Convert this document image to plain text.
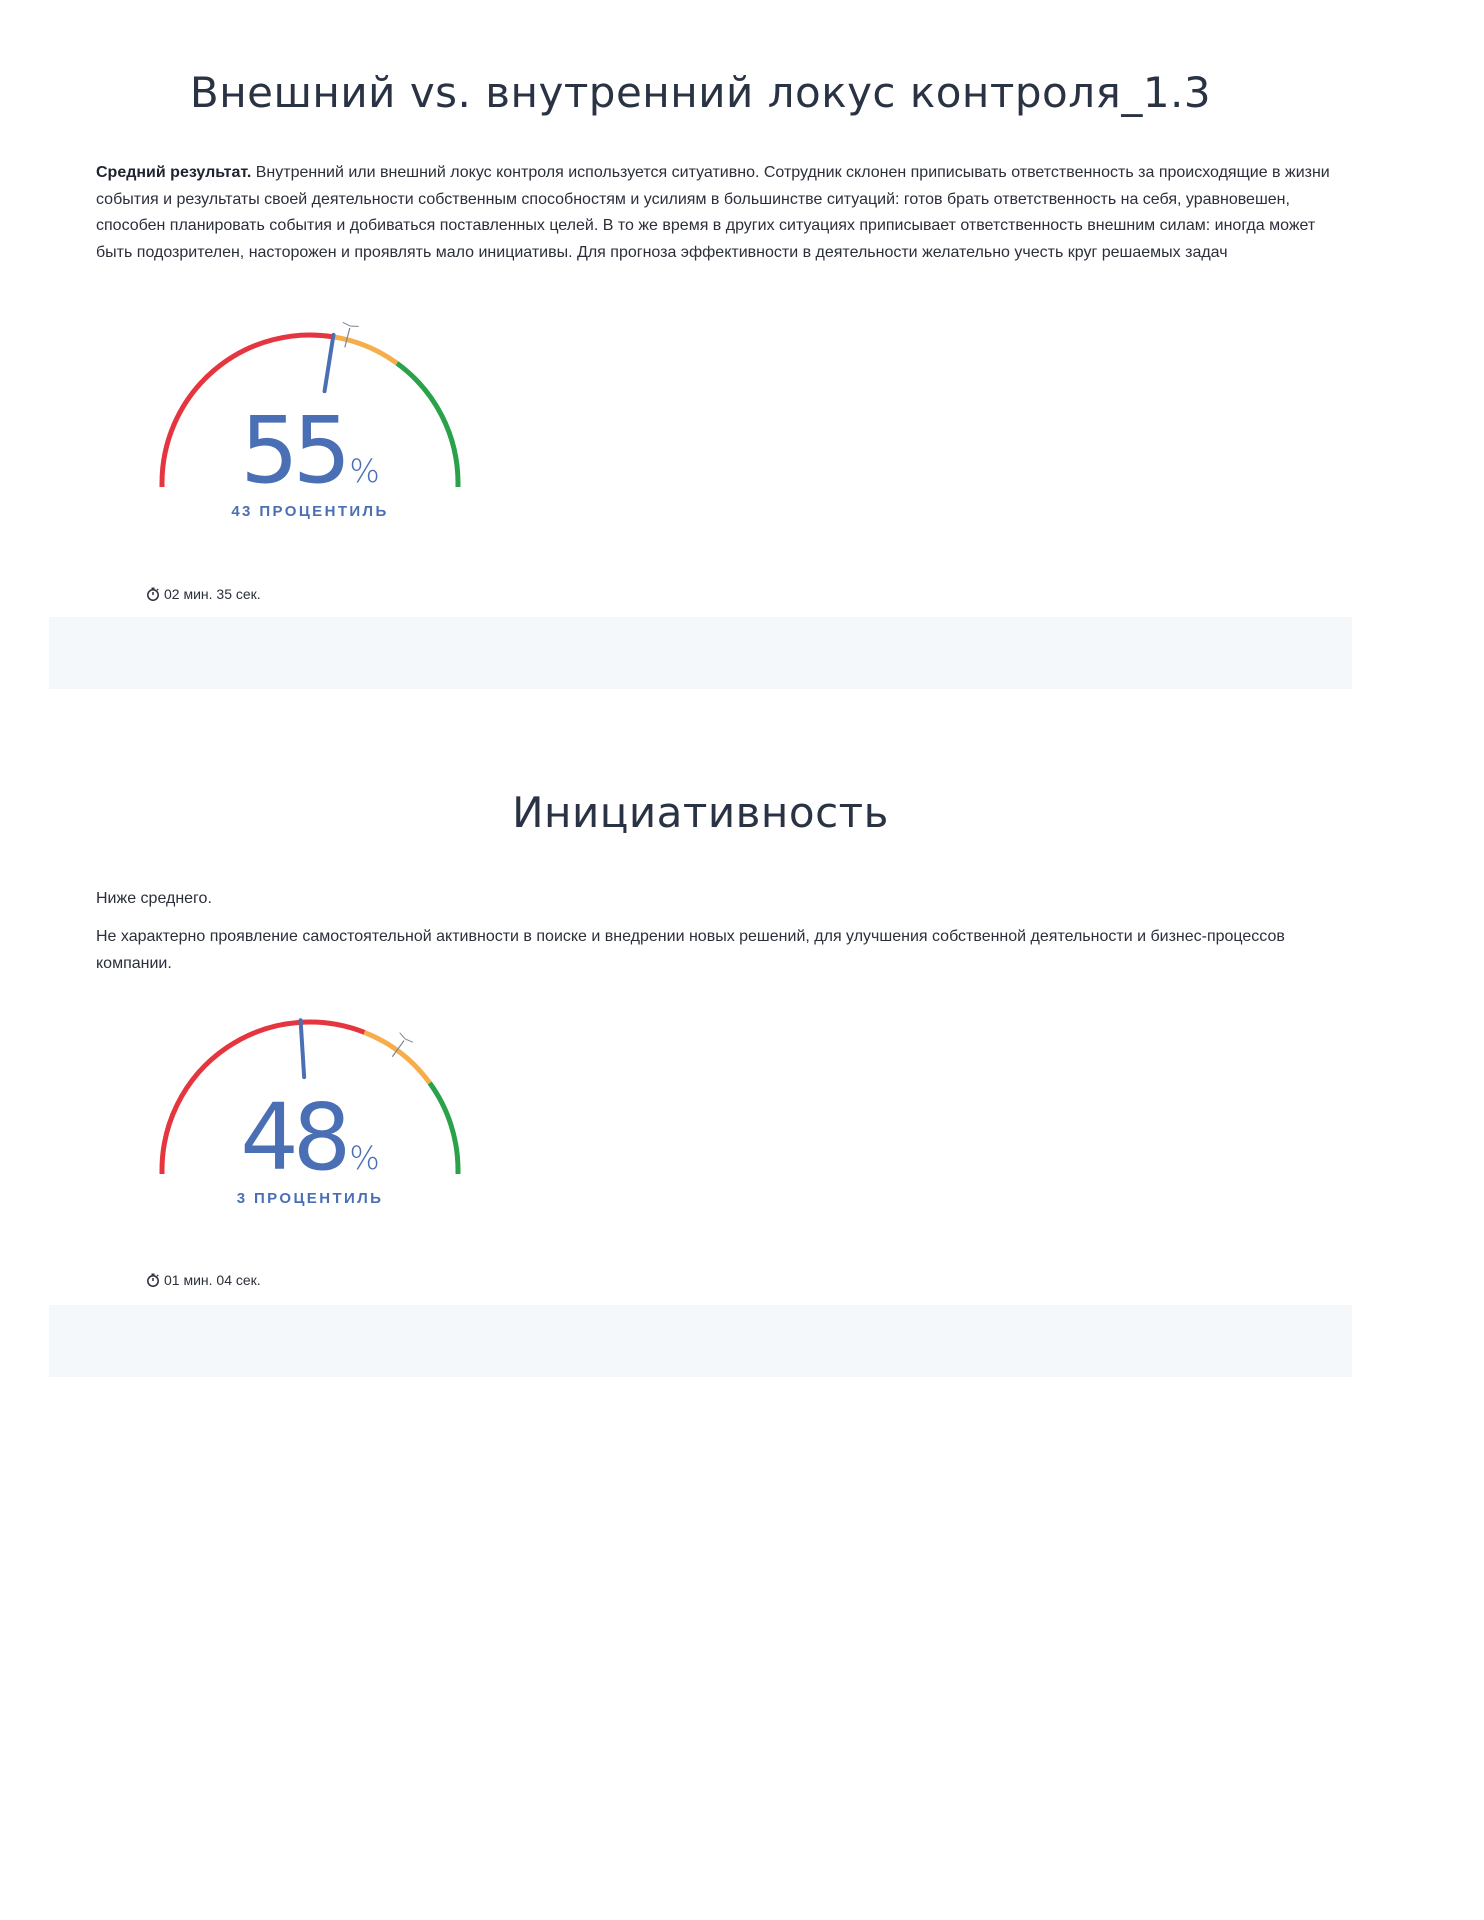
Внешний vs. внутренний локус контроля_1.3

Средний результат. Внутренний или внешний локус контроля используется ситуативно. Сотрудник склонен приписывать ответственность за происходящие в жизни события и результаты своей деятельности собственным способностям и усилиям в большинстве ситуаций: готов брать ответственность на себя, уравновешен, способен планировать события и добиваться поставленных целей. В то же время в других ситуациях приписывает ответственность внешним силам: иногда может быть подозрителен, насторожен и проявлять мало инициативы. Для прогноза эффективности в деятельности желательно учесть круг решаемых задач

55 %
43 ПРОЦЕНТИЛЬ
02 мин. 35 сек.
Инициативность

Ниже среднего.

Не характерно проявление самостоятельной активности в поиске и внедрении новых решений, для улучшения собственной деятельности и бизнес-процессов компании.

48 %
3 ПРОЦЕНТИЛЬ
01 мин. 04 сек.
